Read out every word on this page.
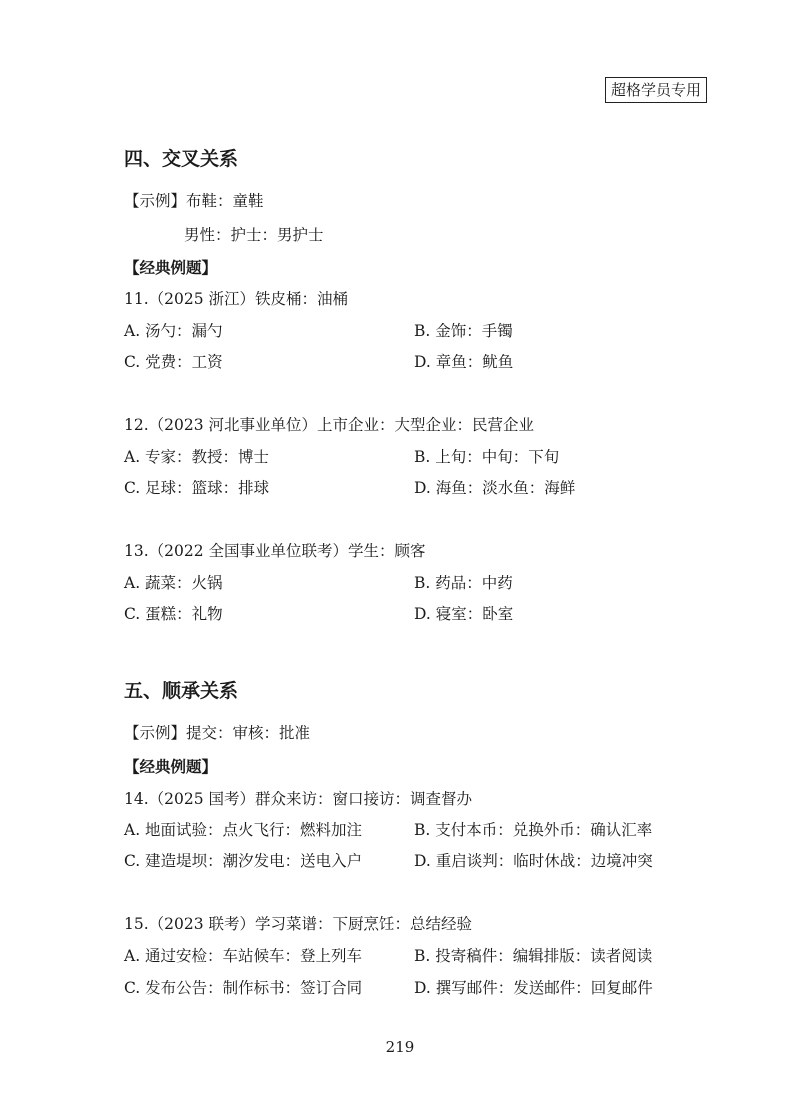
超格学员专用
四、交叉关系
【示例】布鞋：童鞋
男性：护士：男护士
【经典例题】
11.（2025 浙江）铁皮桶：油桶
A. 汤勺：漏勺	B. 金饰：手镯
C. 党费：工资	D. 章鱼：鱿鱼
12.（2023 河北事业单位）上市企业：大型企业：民营企业
A. 专家：教授：博士	B. 上旬：中旬：下旬
C. 足球：篮球：排球	D. 海鱼：淡水鱼：海鲜
13.（2022 全国事业单位联考）学生：顾客
A. 蔬菜：火锅	B. 药品：中药
C. 蛋糕：礼物	D. 寝室：卧室
五、顺承关系
【示例】提交：审核：批准
【经典例题】
14.（2025 国考）群众来访：窗口接访：调查督办
A. 地面试验：点火飞行：燃料加注	B. 支付本币：兑换外币：确认汇率
C. 建造堤坝：潮汐发电：送电入户	D. 重启谈判：临时休战：边境冲突
15.（2023 联考）学习菜谱：下厨烹饪：总结经验
A. 通过安检：车站候车：登上列车	B. 投寄稿件：编辑排版：读者阅读
C. 发布公告：制作标书：签订合同	D. 撰写邮件：发送邮件：回复邮件
219
